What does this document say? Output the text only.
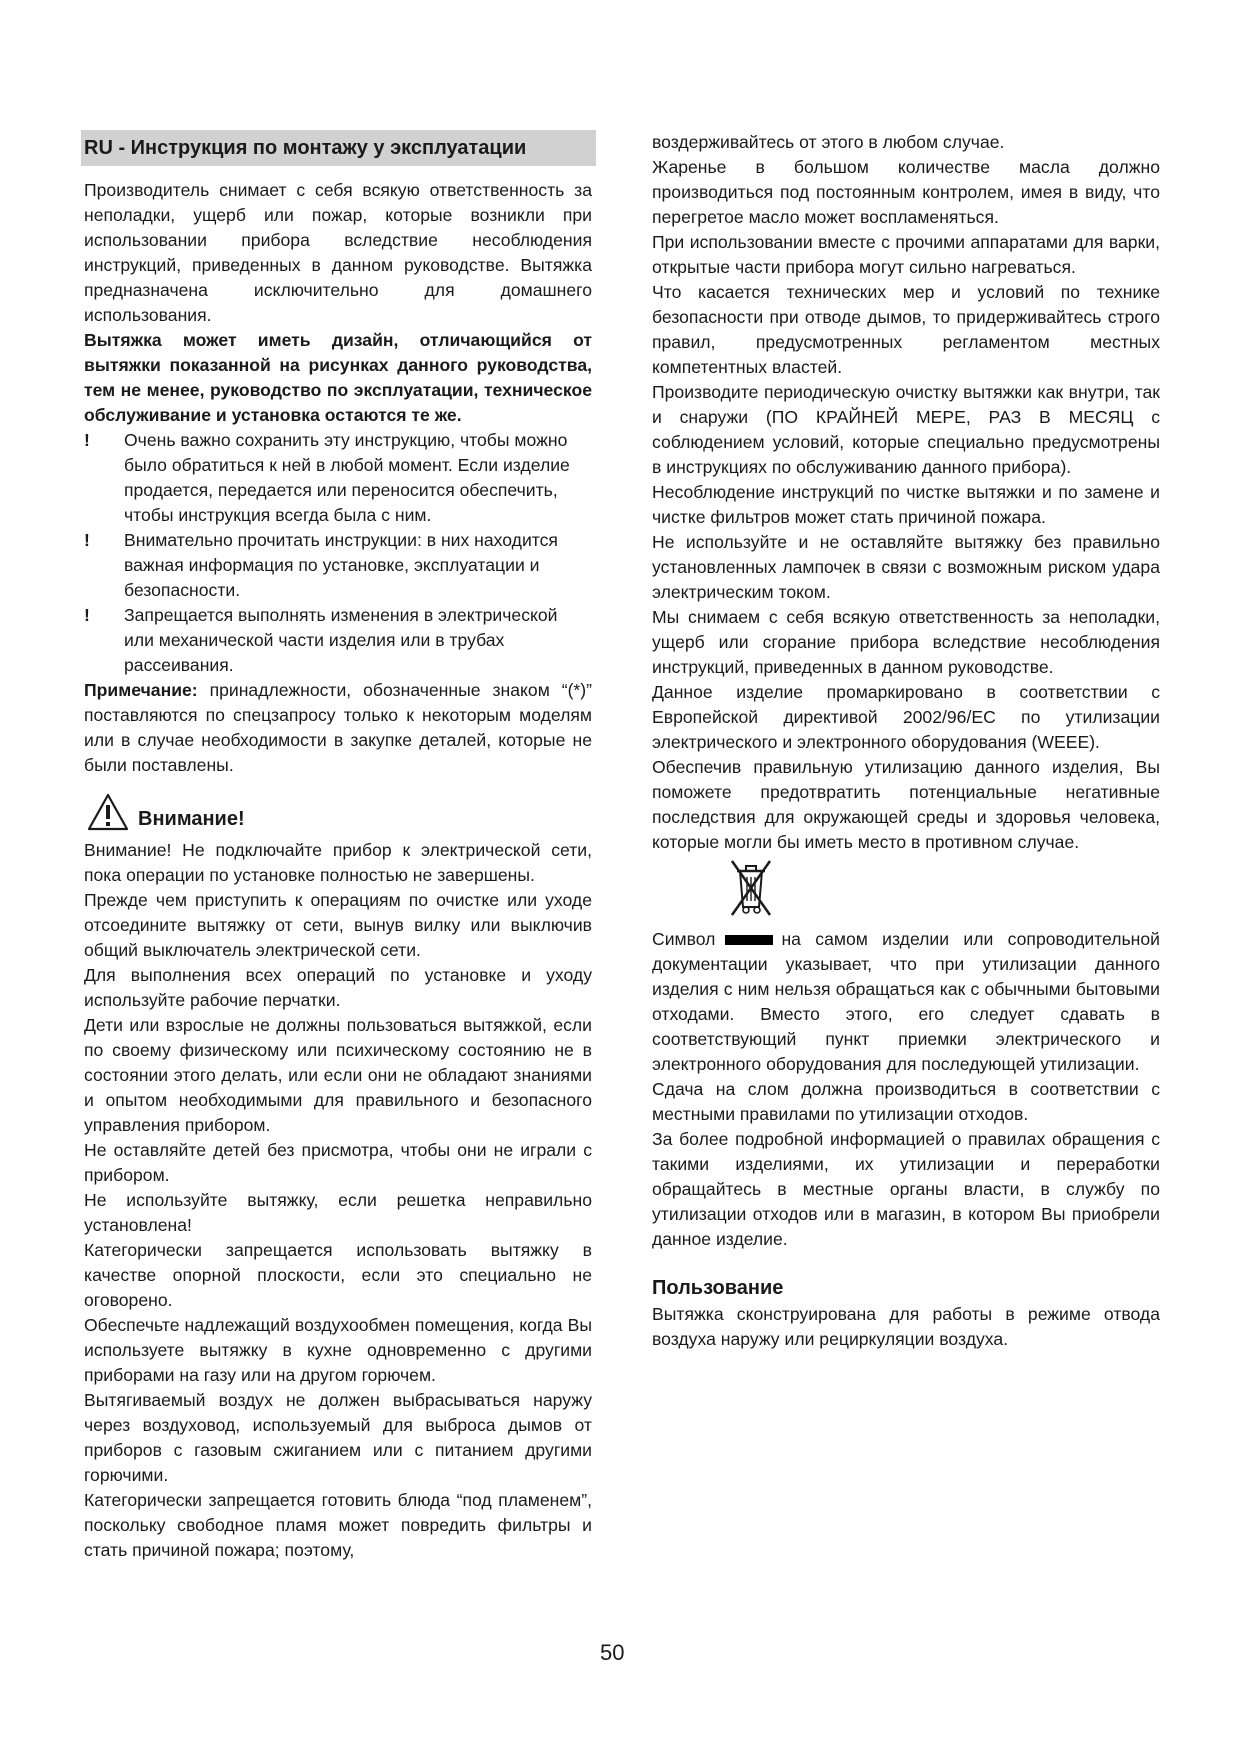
RU - Инструкция по монтажу у эксплуатации

Производитель снимает с себя всякую ответственность за неполадки, ущерб или пожар, которые возникли при использовании прибора вследствие несоблюдения инструкций, приведенных в данном руководстве. Вытяжка предназначена исключительно для домашнего использования.

Вытяжка может иметь дизайн, отличающийся от вытяжки показанной на рисунках данного руководства, тем не менее, руководство по эксплуатации, техническое обслуживание и установка остаются те же.

! Очень важно сохранить эту инструкцию, чтобы можно было обратиться к ней в любой момент. Если изделие продается, передается или переносится обеспечить, чтобы инструкция всегда была с ним.

! Внимательно прочитать инструкции: в них находится важная информация по установке, эксплуатации и безопасности.

! Запрещается выполнять изменения в электрической или механической части изделия или в трубах рассеивания.

Примечание: принадлежности, обозначенные знаком “(*)” поставляются по спецзапросу только к некоторым моделям или в случае необходимости в закупке деталей, которые не были поставлены.

Внимание!

Внимание! Не подключайте прибор к электрической сети, пока операции по установке полностью не завершены.

Прежде чем приступить к операциям по очистке или уходе отсоедините вытяжку от сети, вынув вилку или выключив общий выключатель электрической сети.

Для выполнения всех операций по установке и уходу используйте рабочие перчатки.

Дети или взрослые не должны пользоваться вытяжкой, если по своему физическому или психическому состоянию не в состоянии этого делать, или если они не обладают знаниями и опытом необходимыми для правильного и безопасного управления прибором.

Не оставляйте детей без присмотра, чтобы они не играли с прибором.

Не используйте вытяжку, если решетка неправильно установлена!

Категорически запрещается использовать вытяжку в качестве опорной плоскости, если это специально не оговорено.

Обеспечьте надлежащий воздухообмен помещения, когда Вы используете вытяжку в кухне одновременно с другими приборами на газу или на другом горючем.

Вытягиваемый воздух не должен выбрасываться наружу через воздуховод, используемый для выброса дымов от приборов с газовым сжиганием или с питанием другими горючими.

Категорически запрещается готовить блюда “под пламенем”, поскольку свободное пламя может повредить фильтры и стать причиной пожара; поэтому,

воздерживайтесь от этого в любом случае.

Жаренье в большом количестве масла должно производиться под постоянным контролем, имея в виду, что перегретое масло может воспламеняться.

При использовании вместе с прочими аппаратами для варки, открытые части прибора могут сильно нагреваться.

Что касается технических мер и условий по технике безопасности при отводе дымов, то придерживайтесь строго правил, предусмотренных регламентом местных компетентных властей.

Производите периодическую очистку вытяжки как внутри, так и снаружи (ПО КРАЙНЕЙ МЕРЕ, РАЗ В МЕСЯЦ с соблюдением условий, которые специально предусмотрены в инструкциях по обслуживанию данного прибора).

Несоблюдение инструкций по чистке вытяжки и по замене и чистке фильтров может стать причиной пожара.

Не используйте и не оставляйте вытяжку без правильно установленных лампочек в связи с возможным риском удара электрическим током.

Мы снимаем с себя всякую ответственность за неполадки, ущерб или сгорание прибора вследствие несоблюдения инструкций, приведенных в данном руководстве.

Данное изделие промаркировано в соответствии с Европейской директивой 2002/96/ЕС по утилизации электрического и электронного оборудования (WEEE).

Обеспечив правильную утилизацию данного изделия, Вы поможете предотвратить потенциальные негативные последствия для окружающей среды и здоровья человека, которые могли бы иметь место в противном случае.

Символ	на самом изделии или сопроводительной документации указывает, что при утилизации данного изделия с ним нельзя обращаться как с обычными бытовыми отходами. Вместо этого, его следует сдавать в соответствующий пункт приемки электрического и электронного оборудования для последующей утилизации.

Сдача на слом должна производиться в соответствии с местными правилами по утилизации отходов.

За более подробной информацией о правилах обращения с такими изделиями, их утилизации и переработки обращайтесь в местные органы власти, в службу по утилизации отходов или в магазин, в котором Вы приобрели данное изделие.

Пользование

Вытяжка сконструирована для работы в режиме отвода воздуха наружу или рециркуляции воздуха.

50
